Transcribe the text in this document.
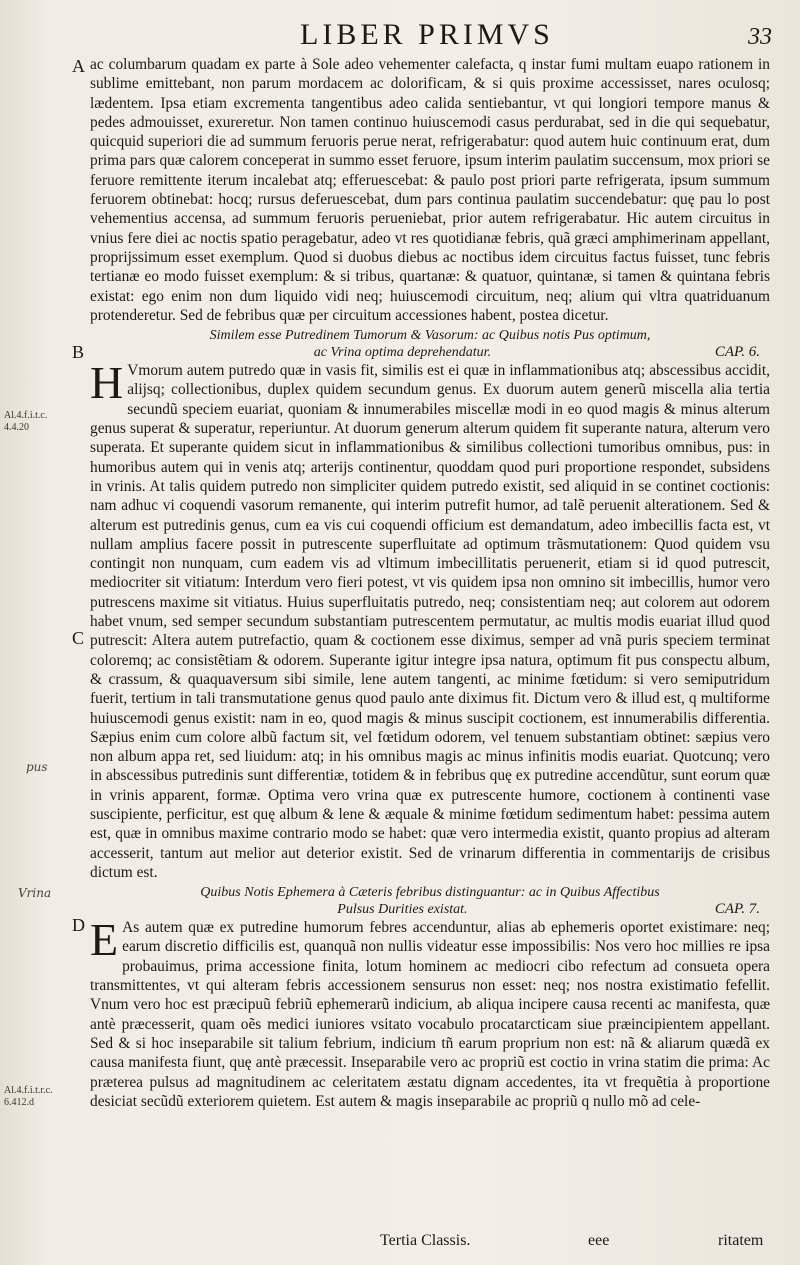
LIBER PRIMVS	33
A
B
C
D
Al.4.f.i.t.c. 4.4.20
Al.4.f.i.t.r.c. 6.412.d
pus
Vrina

ac columbarum quadam ex parte à Sole adeo vehementer calefacta, q instar fumi multam euapo rationem in sublime emittebant, non parum mordacem ac dolorificam, & si quis proxime accessisset, nares oculosq; lædentem. Ipsa etiam excrementa tangentibus adeo calida sentiebantur, vt qui longiori tempore manus & pedes admouisset, exureretur. Non tamen continuo huiuscemodi casus perdurabat, sed in die qui sequebatur, quicquid superiori die ad summum feruoris perue nerat, refrigerabatur: quod autem huic continuum erat, dum prima pars quæ calorem conceperat in summo esset feruore, ipsum interim paulatim succensum, mox priori se feruore remittente iterum incalebat atq; efferuescebat: & paulo post priori parte refrigerata, ipsum summum feruorem obtinebat: hocq; rursus deferuescebat, dum pars continua paulatim succendebatur: quę pau lo post vehementius accensa, ad summum feruoris perueniebat, prior autem refrigerabatur. Hic autem circuitus in vnius fere diei ac noctis spatio peragebatur, adeo vt res quotidianæ febris, quã græci amphimerinam appellant, proprijssimum esset exemplum. Quod si duobus diebus ac noctibus idem circuitus factus fuisset, tunc febris tertianæ eo modo fuisset exemplum: & si tribus, quartanæ: & quatuor, quintanæ, si tamen & quintana febris existat: ego enim non dum liquido vidi neq; huiuscemodi circuitum, neq; alium qui vltra quatriduanum protenderetur. Sed de febribus quæ per circuitum accessiones habent, postea dicetur.

Similem esse Putredinem Tumorum & Vasorum: ac Quibus notis Pus optimum,
ac Vrina optima deprehendatur.	CAP. 6.

H Vmorum autem putredo quæ in vasis fit, similis est ei quæ in inflammationibus atq; abscessibus accidit, alijsq; collectionibus, duplex quidem secundum genus. Ex duorum autem generũ miscella alia tertia secundũ speciem euariat, quoniam & innumerabiles miscellæ modi in eo quod magis & minus alterum genus superat & superatur, reperiuntur. At duorum generum alterum quidem fit superante natura, alterum vero superata. Et superante quidem sicut in inflammationibus & similibus collectioni tumoribus omnibus, pus: in humoribus autem qui in venis atq; arterijs continentur, quoddam quod puri proportione respondet, subsidens in vrinis. At talis quidem putredo non simpliciter quidem putredo existit, sed aliquid in se continet coctionis: nam adhuc vi coquendi vasorum remanente, qui interim putrefit humor, ad talẽ peruenit alterationem. Sed & alterum est putredinis genus, cum ea vis cui coquendi officium est demandatum, adeo imbecillis facta est, vt nullam amplius facere possit in putrescente superfluitate ad optimum trãsmutationem: Quod quidem vsu contingit non nunquam, cum eadem vis ad vltimum imbecillitatis peruenerit, etiam si id quod putrescit, mediocriter sit vitiatum: Interdum vero fieri potest, vt vis quidem ipsa non omnino sit imbecillis, humor vero putrescens maxime sit vitiatus. Huius superfluitatis putredo, neq; consistentiam neq; aut colorem aut odorem habet vnum, sed semper secundum substantiam putrescentem permutatur, ac multis modis euariat illud quod putrescit: Altera autem putrefactio, quam & coctionem esse diximus, semper ad vnã puris speciem terminat coloremq; ac consistẽtiam & odorem. Superante igitur integre ipsa natura, optimum fit pus conspectu album, & crassum, & quaquaversum sibi simile, lene autem tangenti, ac minime fœtidum: si vero semiputridum fuerit, tertium in tali transmutatione genus quod paulo ante diximus fit. Dictum vero & illud est, q multiforme huiuscemodi genus existit: nam in eo, quod magis & minus suscipit coctionem, est innumerabilis differentia. Sæpius enim cum colore albũ factum sit, vel fœtidum odorem, vel tenuem substantiam obtinet: sæpius vero non album appa ret, sed liuidum: atq; in his omnibus magis ac minus infinitis modis euariat. Quotcunq; vero in abscessibus putredinis sunt differentiæ, totidem & in febribus quę ex putredine accendũtur, sunt eorum quæ in vrinis apparent, formæ. Optima vero vrina quæ ex putrescente humore, coctionem à continenti vase suscipiente, perficitur, est quę album & lene & æquale & minime fœtidum sedimentum habet: pessima autem est, quæ in omnibus maxime contrario modo se habet: quæ vero intermedia existit, quanto propius ad alteram accesserit, tantum aut melior aut deterior existit. Sed de vrinarum differentia in commentarijs de crisibus dictum est.

Quibus Notis Ephemera à Cæteris febribus distinguantur: ac in Quibus Affectibus
Pulsus Durities existat.	CAP. 7.

E As autem quæ ex putredine humorum febres accenduntur, alias ab ephemeris oportet existimare: neq; earum discretio difficilis est, quanquã non nullis videatur esse impossibilis: Nos vero hoc millies re ipsa probauimus, prima accessione finita, lotum hominem ac mediocri cibo refectum ad consueta opera transmittentes, vt qui alteram febris accessionem sensurus non esset: neq; nos nostra existimatio fefellit. Vnum vero hoc est præcipuũ febriũ ephemerarũ indicium, ab aliqua incipere causa recenti ac manifesta, quæ antè præcesserit, quam oẽs medici iuniores vsitato vocabulo procatarcticam siue præincipientem appellant. Sed & si hoc inseparabile sit talium febrium, indicium tñ earum proprium non est: nã & aliarum quædã ex causa manifesta fiunt, quę antè præcessit. Inseparabile vero ac propriũ est coctio in vrina statim die prima: Ac præterea pulsus ad magnitudinem ac celeritatem æstatu dignam accedentes, ita vt frequẽtia à proportione desiciat secũdũ exteriorem quietem. Est autem & magis inseparabile ac propriũ q nullo mõ ad cele-

Tertia Classis.	eee	ritatem
